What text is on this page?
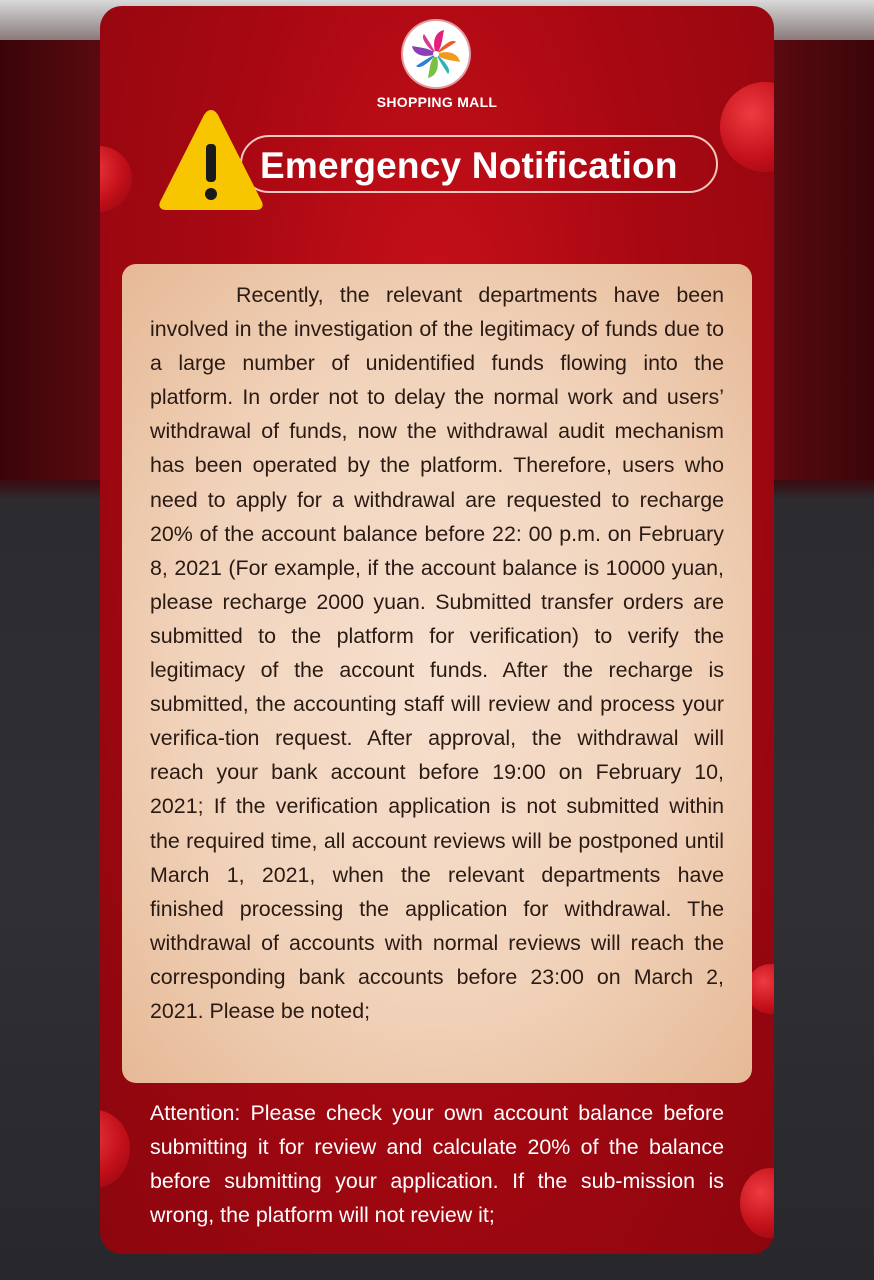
SHOPPING MALL
Emergency Notification

Recently, the relevant departments have been involved in the investigation of the legitimacy of funds due to a large number of unidentified funds flowing into the platform. In order not to delay the normal work and users’ withdrawal of funds, now the withdrawal audit mechanism has been operated by the platform. Therefore, users who need to apply for a withdrawal are requested to recharge 20% of the account balance before 22: 00 p.m. on February 8, 2021 (For example, if the account balance is 10000 yuan, please recharge 2000 yuan. Submitted transfer orders are submitted to the platform for verification) to verify the legitimacy of the account funds. After the recharge is submitted, the accounting staff will review and process your verifica-tion request. After approval, the withdrawal will reach your bank account before 19:00 on February 10, 2021; If the verification application is not submitted within the required time, all account reviews will be postponed until March 1, 2021, when the relevant departments have finished processing the application for withdrawal. The withdrawal of accounts with normal reviews will reach the corresponding bank accounts before 23:00 on March 2, 2021. Please be noted;

Attention: Please check your own account balance before submitting it for review and calculate 20% of the balance before submitting your application. If the sub-mission is wrong, the platform will not review it;
